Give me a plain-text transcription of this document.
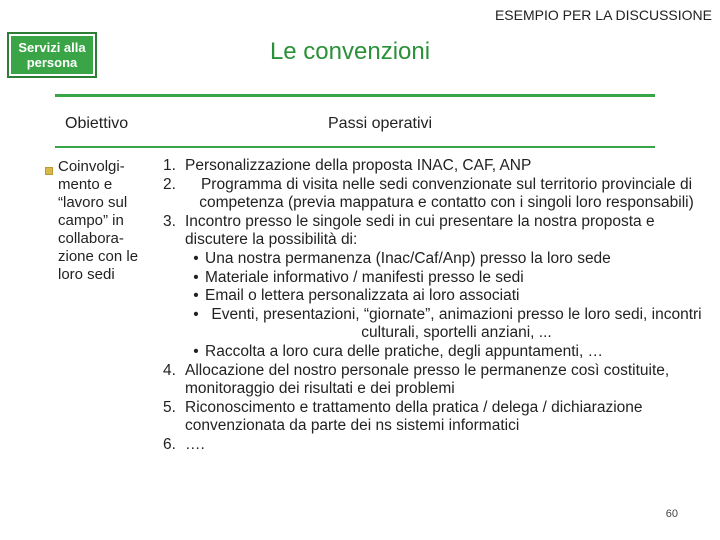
ESEMPIO PER LA DISCUSSIONE
Servizi alla persona	Le convenzioni
Obiettivo	Passi operativi
Coinvolgi-
mento e
“lavoro sul
campo” in
collabora-
zione con le
loro sedi
1. Personalizzazione della proposta INAC, CAF, ANP
2.	Programma di visita nelle sedi convenzionate sul territorio provinciale di competenza (previa mappatura e contatto con i singoli loro responsabili)
3. Incontro presso le singole sedi in cui presentare la nostra proposta e discutere la possibilità di:
• Una nostra permanenza (Inac/Caf/Anp) presso la loro sede
• Materiale informativo / manifesti presso le sedi
• Email o lettera personalizzata ai loro associati
• Eventi, presentazioni, “giornate”, animazioni presso le loro sedi, incontri culturali, sportelli anziani, ...
• Raccolta a loro cura delle pratiche, degli appuntamenti, …
4. Allocazione del nostro personale presso le permanenze così costituite, monitoraggio dei risultati e dei problemi
5. Riconoscimento e trattamento della pratica / delega / dichiarazione convenzionata da parte dei ns sistemi informatici
6. ….
60
